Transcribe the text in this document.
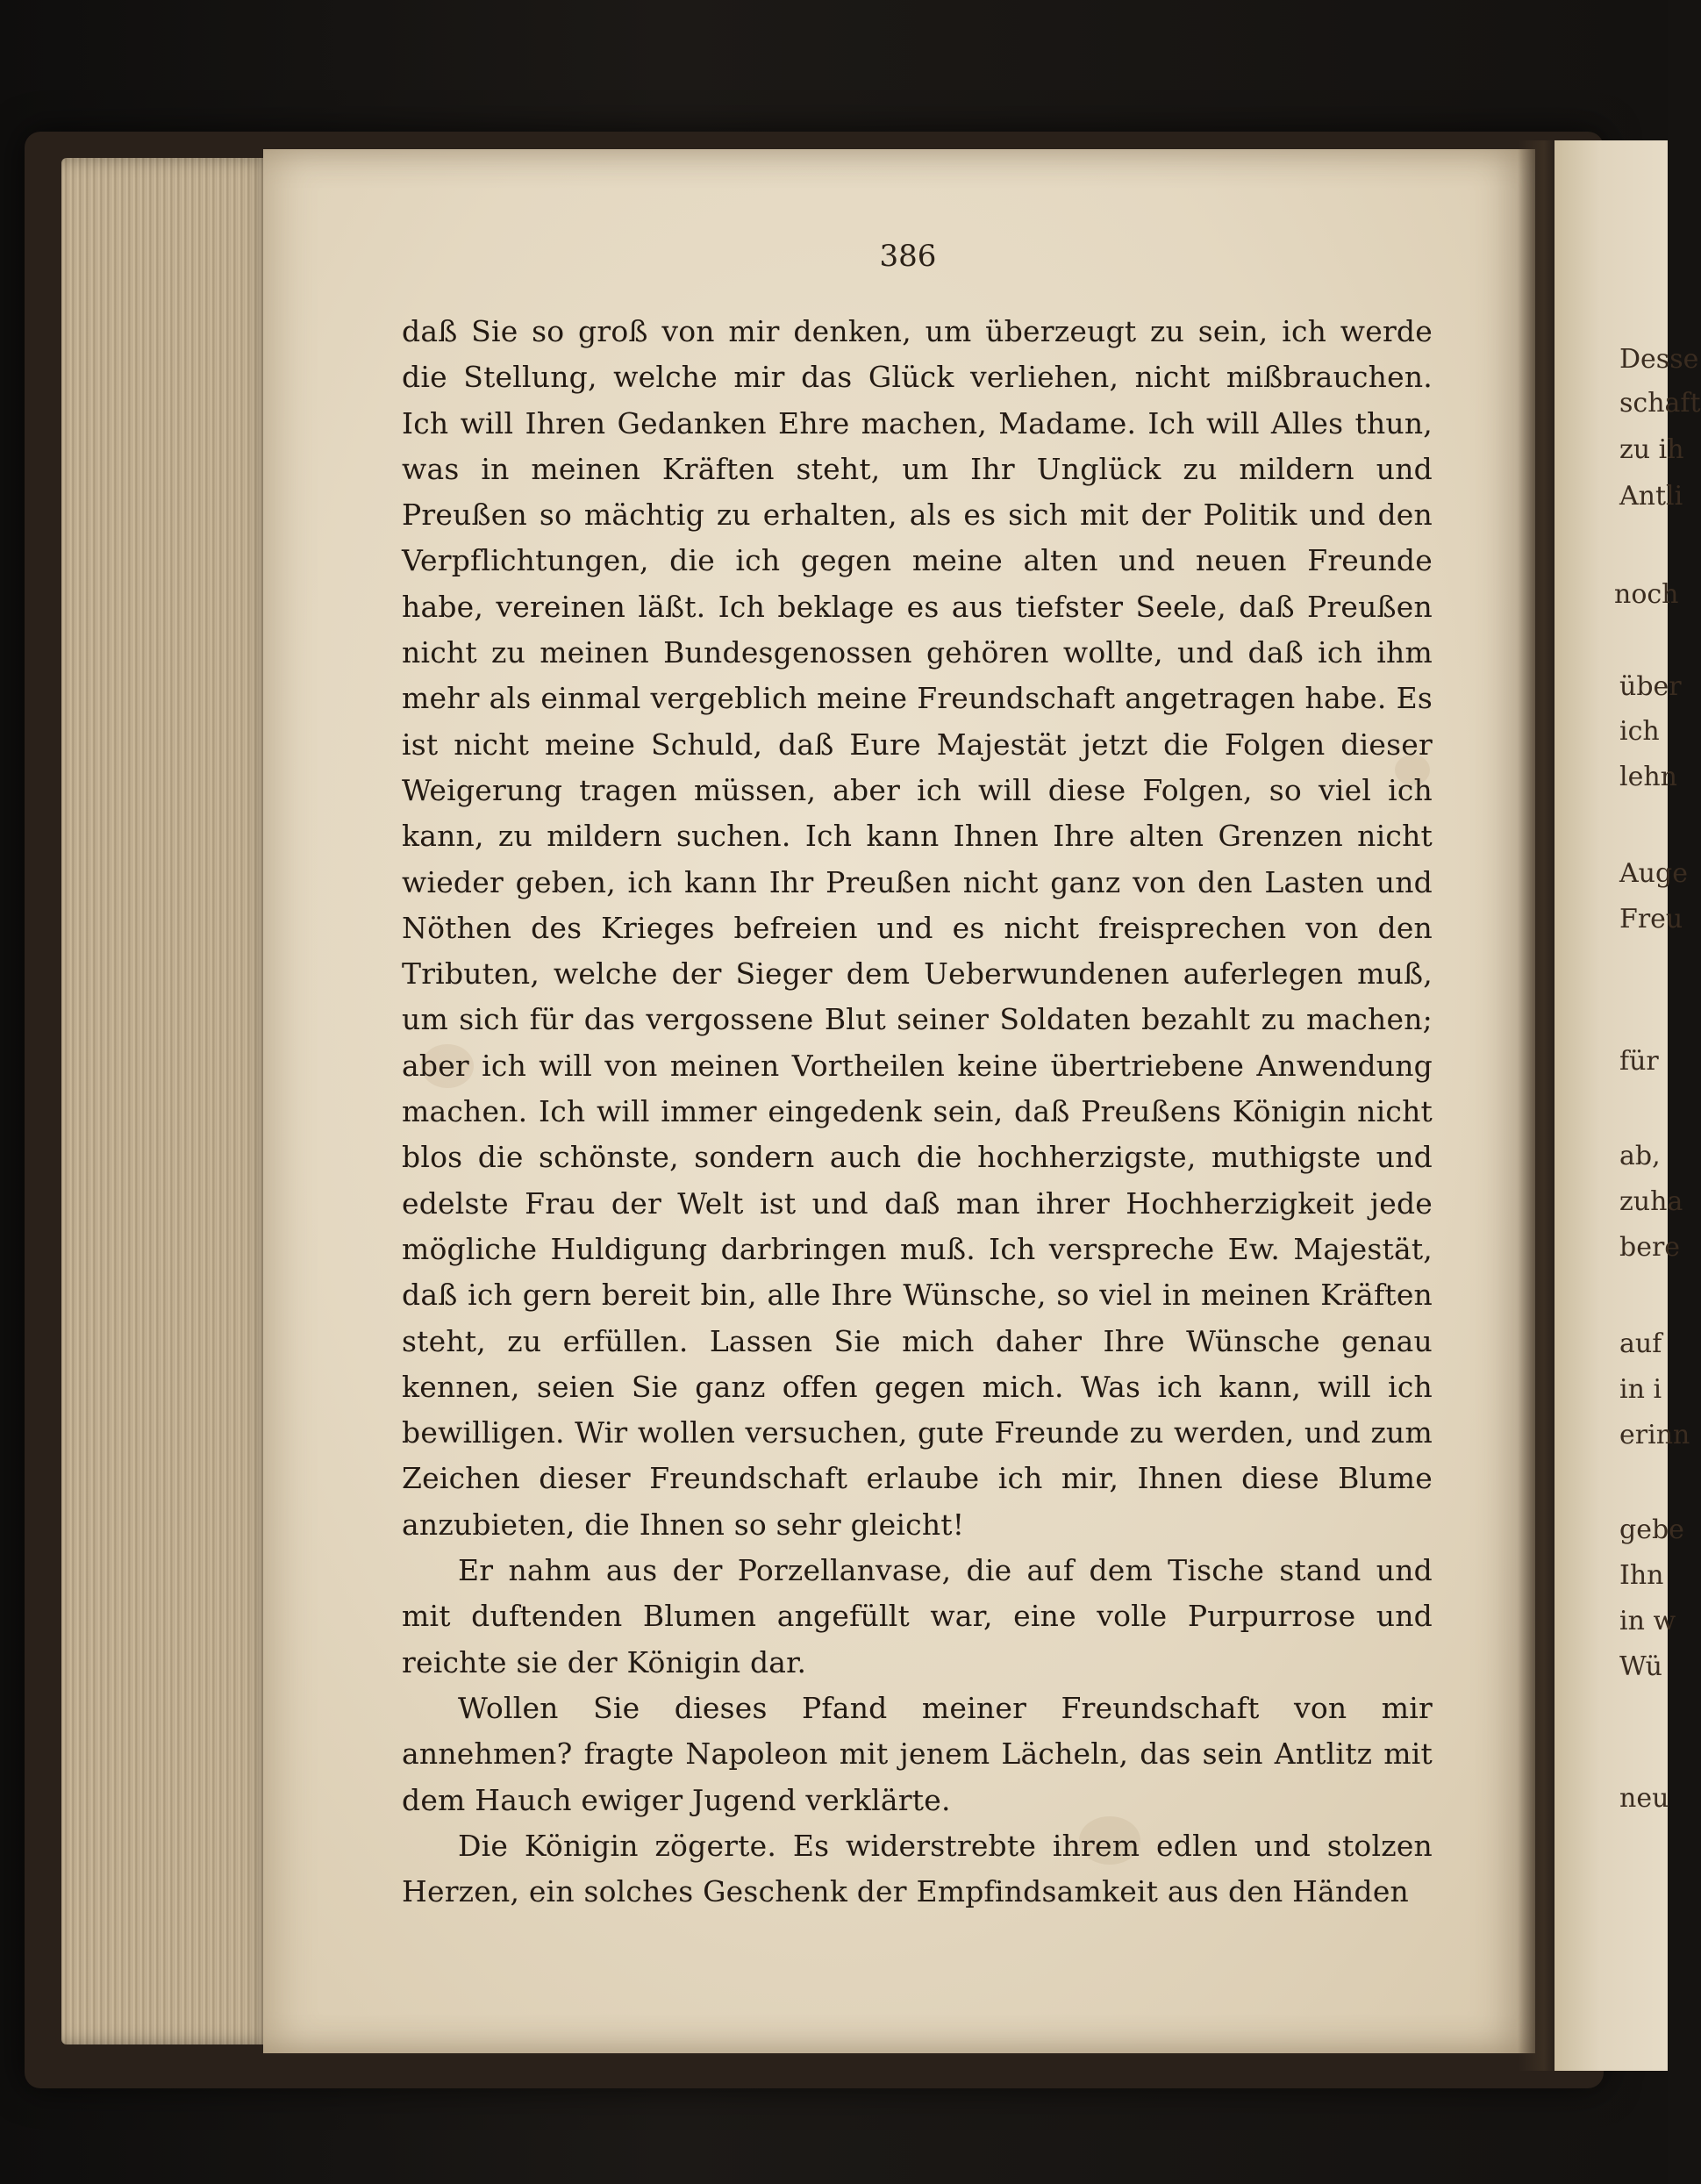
386

daß Sie so groß von mir denken, um überzeugt zu sein, ich werde die Stellung, welche mir das Glück verliehen, nicht mißbrauchen. Ich will Ihren Gedanken Ehre machen, Madame. Ich will Alles thun, was in meinen Kräften steht, um Ihr Unglück zu mildern und Preußen so mächtig zu erhalten, als es sich mit der Politik und den Verpflichtungen, die ich gegen meine alten und neuen Freunde habe, vereinen läßt. Ich beklage es aus tiefster Seele, daß Preußen nicht zu meinen Bundesgenossen gehören wollte, und daß ich ihm mehr als einmal vergeblich meine Freundschaft angetragen habe. Es ist nicht meine Schuld, daß Eure Majestät jetzt die Folgen dieser Weigerung tragen müssen, aber ich will diese Folgen, so viel ich kann, zu mildern suchen. Ich kann Ihnen Ihre alten Grenzen nicht wieder geben, ich kann Ihr Preußen nicht ganz von den Lasten und Nöthen des Krieges befreien und es nicht freisprechen von den Tributen, welche der Sieger dem Ueberwundenen auferlegen muß, um sich für das vergossene Blut seiner Soldaten bezahlt zu machen; aber ich will von meinen Vortheilen keine übertriebene Anwendung machen. Ich will immer eingedenk sein, daß Preußens Königin nicht blos die schönste, sondern auch die hochherzigste, muthigste und edelste Frau der Welt ist und daß man ihrer Hochherzigkeit jede mögliche Huldigung darbringen muß. Ich verspreche Ew. Majestät, daß ich gern bereit bin, alle Ihre Wünsche, so viel in meinen Kräften steht, zu erfüllen. Lassen Sie mich daher Ihre Wünsche genau kennen, seien Sie ganz offen gegen mich. Was ich kann, will ich bewilligen. Wir wollen versuchen, gute Freunde zu werden, und zum Zeichen dieser Freundschaft erlaube ich mir, Ihnen diese Blume anzubieten, die Ihnen so sehr gleicht!

Er nahm aus der Porzellanvase, die auf dem Tische stand und mit duftenden Blumen angefüllt war, eine volle Purpurrose und reichte sie der Königin dar.

Wollen Sie dieses Pfand meiner Freundschaft von mir annehmen? fragte Napoleon mit jenem Lächeln, das sein Antlitz mit dem Hauch ewiger Jugend verklärte.

Die Königin zögerte. Es widerstrebte ihrem edlen und stolzen Herzen, ein solches Geschenk der Empfindsamkeit aus den Händen

Desse
schaft
zu ih
Antli
noch
über
ich
lehn
Auge
Freu
für
ab,
zuha
bere
auf
in i
erinn
gebe
Ihn
in w
Wü
neu
